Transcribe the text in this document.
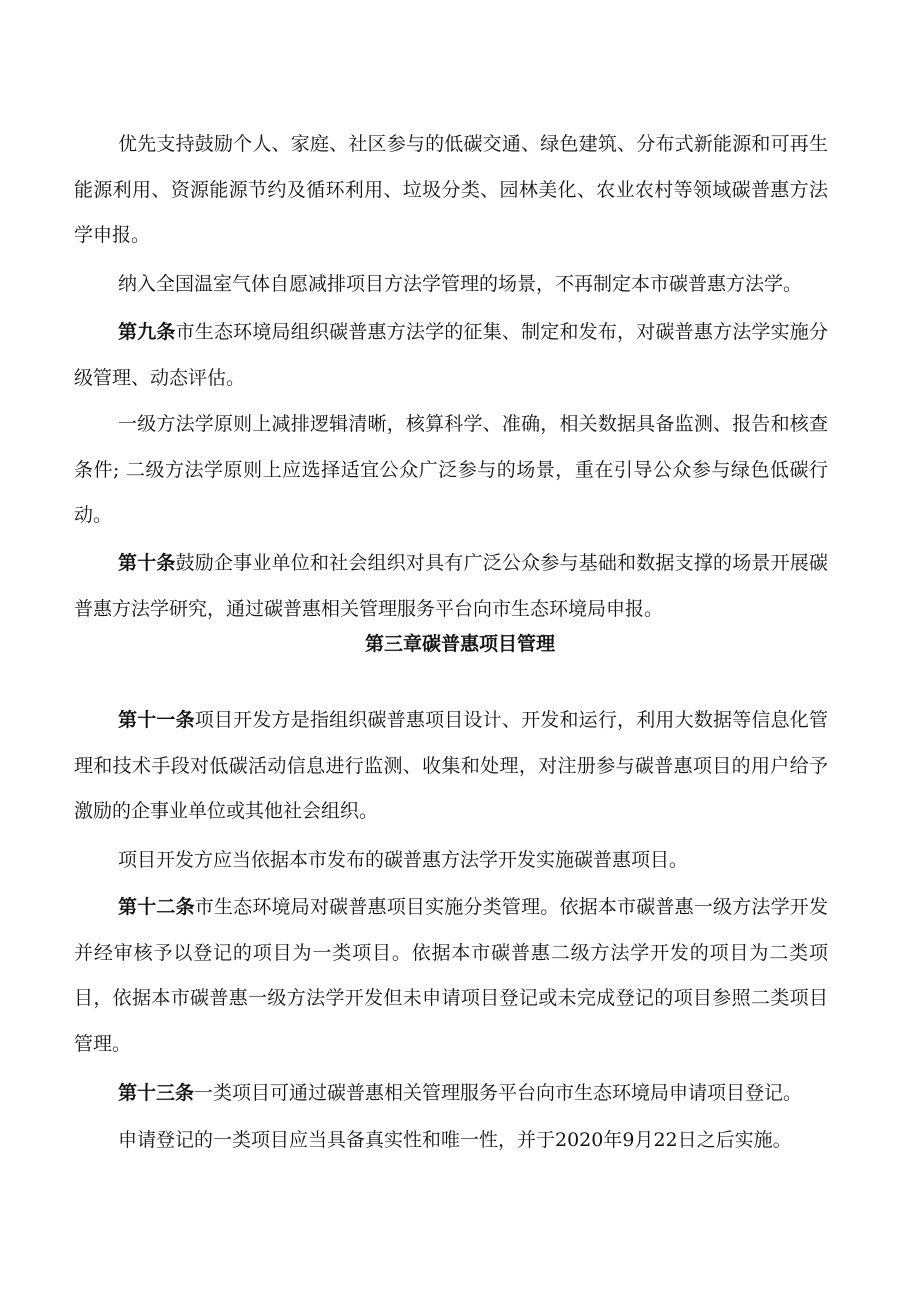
优先支持鼓励个人、家庭、社区参与的低碳交通、绿色建筑、分布式新能源和可再生能源利用、资源能源节约及循环利用、垃圾分类、园林美化、农业农村等领域碳普惠方法学申报。

纳入全国温室气体自愿减排项目方法学管理的场景，不再制定本市碳普惠方法学。

第九条市生态环境局组织碳普惠方法学的征集、制定和发布，对碳普惠方法学实施分级管理、动态评估。

一级方法学原则上减排逻辑清晰，核算科学、准确，相关数据具备监测、报告和核查条件; 二级方法学原则上应选择适宜公众广泛参与的场景，重在引导公众参与绿色低碳行动。

第十条鼓励企事业单位和社会组织对具有广泛公众参与基础和数据支撑的场景开展碳普惠方法学研究，通过碳普惠相关管理服务平台向市生态环境局申报。

第三章碳普惠项目管理

第十一条项目开发方是指组织碳普惠项目设计、开发和运行，利用大数据等信息化管理和技术手段对低碳活动信息进行监测、收集和处理，对注册参与碳普惠项目的用户给予激励的企事业单位或其他社会组织。

项目开发方应当依据本市发布的碳普惠方法学开发实施碳普惠项目。

第十二条市生态环境局对碳普惠项目实施分类管理。依据本市碳普惠一级方法学开发并经审核予以登记的项目为一类项目。依据本市碳普惠二级方法学开发的项目为二类项目，依据本市碳普惠一级方法学开发但未申请项目登记或未完成登记的项目参照二类项目管理。

第十三条一类项目可通过碳普惠相关管理服务平台向市生态环境局申请项目登记。

申请登记的一类项目应当具备真实性和唯一性，并于2020年9月22日之后实施。
